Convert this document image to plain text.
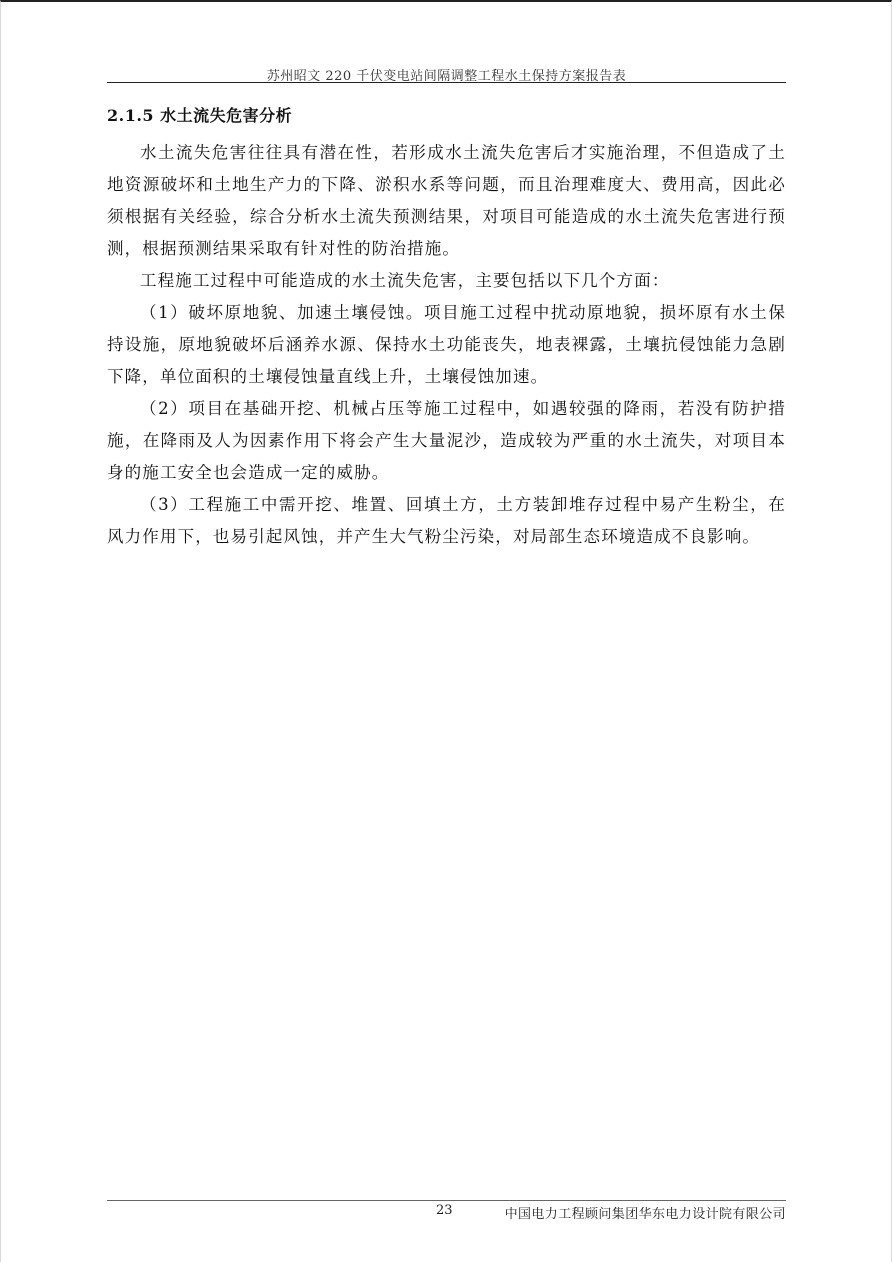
苏州昭文 220 千伏变电站间隔调整工程水土保持方案报告表
2.1.5 水土流失危害分析

水土流失危害往往具有潜在性，若形成水土流失危害后才实施治理，不但造成了土地资源破坏和土地生产力的下降、淤积水系等问题，而且治理难度大、费用高，因此必须根据有关经验，综合分析水土流失预测结果，对项目可能造成的水土流失危害进行预测，根据预测结果采取有针对性的防治措施。

工程施工过程中可能造成的水土流失危害，主要包括以下几个方面：

（1）破坏原地貌、加速土壤侵蚀。项目施工过程中扰动原地貌，损坏原有水土保持设施，原地貌破坏后涵养水源、保持水土功能丧失，地表裸露，土壤抗侵蚀能力急剧下降，单位面积的土壤侵蚀量直线上升，土壤侵蚀加速。

（2）项目在基础开挖、机械占压等施工过程中，如遇较强的降雨，若没有防护措施，在降雨及人为因素作用下将会产生大量泥沙，造成较为严重的水土流失，对项目本身的施工安全也会造成一定的威胁。

（3）工程施工中需开挖、堆置、回填土方，土方装卸堆存过程中易产生粉尘，在风力作用下，也易引起风蚀，并产生大气粉尘污染，对局部生态环境造成不良影响。

23	中国电力工程顾问集团华东电力设计院有限公司
